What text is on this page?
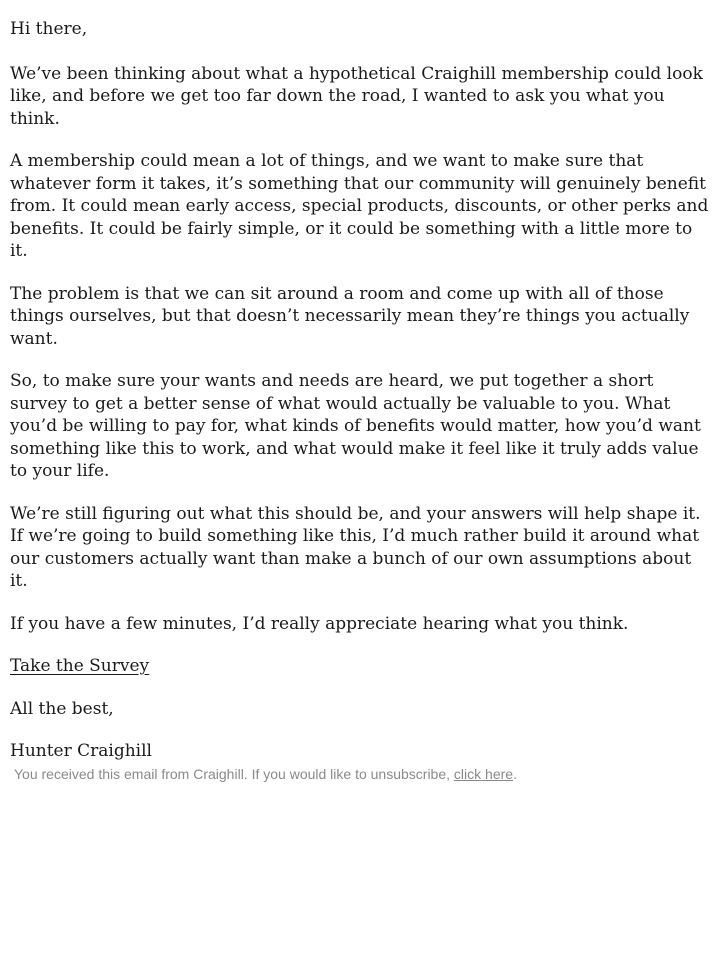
Hi there,

We’ve been thinking about what a hypothetical Craighill membership could look like, and before we get too far down the road, I wanted to ask you what you think.

A membership could mean a lot of things, and we want to make sure that whatever form it takes, it’s something that our community will genuinely benefit from. It could mean early access, special products, discounts, or other perks and benefits. It could be fairly simple, or it could be something with a little more to it.

The problem is that we can sit around a room and come up with all of those things ourselves, but that doesn’t necessarily mean they’re things you actually want.

So, to make sure your wants and needs are heard, we put together a short survey to get a better sense of what would actually be valuable to you. What you’d be willing to pay for, what kinds of benefits would matter, how you’d want something like this to work, and what would make it feel like it truly adds value to your life.

We’re still figuring out what this should be, and your answers will help shape it. If we’re going to build something like this, I’d much rather build it around what our customers actually want than make a bunch of our own assumptions about it.

If you have a few minutes, I’d really appreciate hearing what you think.

Take the Survey

All the best,

Hunter Craighill

You received this email from Craighill. If you would like to unsubscribe, click here.
